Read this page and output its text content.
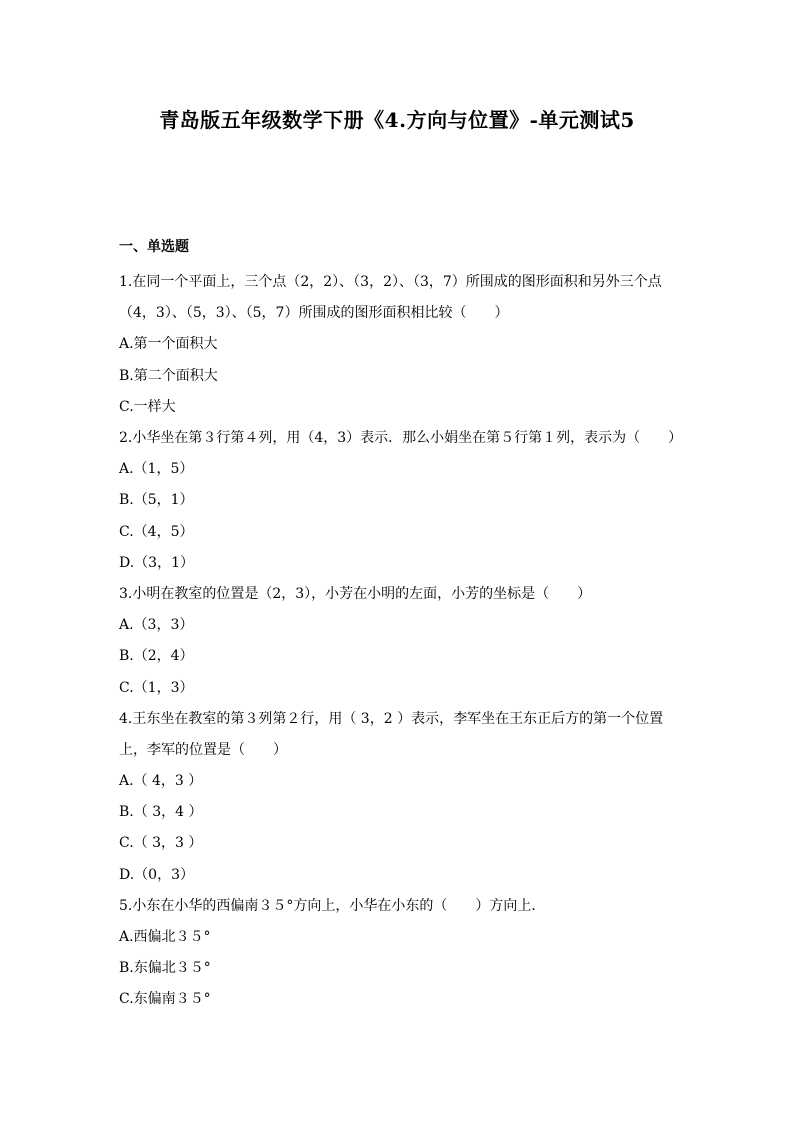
青岛版五年级数学下册《4.方向与位置》-单元测试5
一、单选题
1.在同一个平面上，三个点（2，2）、（3，2）、（3，7）所围成的图形面积和另外三个点（4，3）、（5，3）、（5，7）所围成的图形面积相比较（　　）
A.第一个面积大
B.第二个面积大
C.一样大
2.小华坐在第３行第４列，用（4，3）表示．那么小娟坐在第５行第１列，表示为（　　）
A.（1，5）
B.（5，1）
C.（4，5）
D.（3，1）
3.小明在教室的位置是（2，3），小芳在小明的左面，小芳的坐标是（　　）
A.（3，3）
B.（2，4）
C.（1，3）
4.王东坐在教室的第３列第２行，用（ 3，2 ）表示，李军坐在王东正后方的第一个位置上，李军的位置是（　　）
A.（ 4，3 ）
B.（ 3，4 ）
C.（ 3，3 ）
D.（0，3）
5.小东在小华的西偏南３５°方向上，小华在小东的（　　）方向上．
A.西偏北３５°
B.东偏北３５°
C.东偏南３５°
